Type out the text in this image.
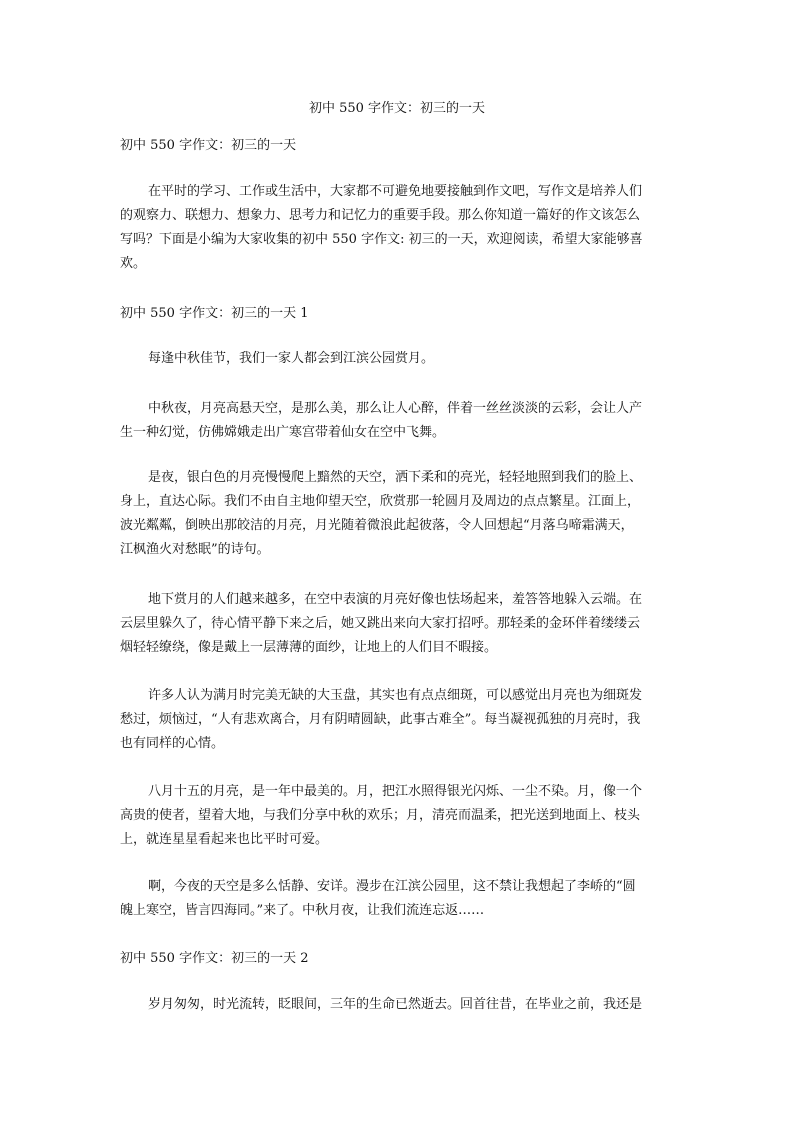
初中 550 字作文：初三的一天
初中 550 字作文：初三的一天
在平时的学习、工作或生活中，大家都不可避免地要接触到作文吧，写作文是培养人们
的观察力、联想力、想象力、思考力和记忆力的重要手段。那么你知道一篇好的作文该怎么
写吗？下面是小编为大家收集的初中 550 字作文: 初三的一天，欢迎阅读，希望大家能够喜
欢。
初中 550 字作文：初三的一天 1
每逢中秋佳节，我们一家人都会到江滨公园赏月。
中秋夜，月亮高悬天空，是那么美，那么让人心醉，伴着一丝丝淡淡的云彩，会让人产
生一种幻觉，仿佛嫦娥走出广寒宫带着仙女在空中飞舞。
是夜，银白色的月亮慢慢爬上黯然的天空，洒下柔和的亮光，轻轻地照到我们的脸上、
身上，直达心际。我们不由自主地仰望天空，欣赏那一轮圆月及周边的点点繁星。江面上，
波光粼粼，倒映出那皎洁的月亮，月光随着微浪此起彼落，令人回想起“月落乌啼霜满天，
江枫渔火对愁眠”的诗句。
地下赏月的人们越来越多，在空中表演的月亮好像也怯场起来，羞答答地躲入云端。在
云层里躲久了，待心情平静下来之后，她又跳出来向大家打招呼。那轻柔的金环伴着缕缕云
烟轻轻缭绕，像是戴上一层薄薄的面纱，让地上的人们目不暇接。
许多人认为满月时完美无缺的大玉盘，其实也有点点细斑，可以感觉出月亮也为细斑发
愁过，烦恼过，“人有悲欢离合，月有阴晴圆缺，此事古难全”。每当凝视孤独的月亮时，我
也有同样的心情。
八月十五的月亮，是一年中最美的。月，把江水照得银光闪烁、一尘不染。月，像一个
高贵的使者，望着大地，与我们分享中秋的欢乐；月，清亮而温柔，把光送到地面上、枝头
上，就连星星看起来也比平时可爱。
啊，今夜的天空是多么恬静、安详。漫步在江滨公园里，这不禁让我想起了李峤的“圆
魄上寒空，皆言四海同。”来了。中秋月夜，让我们流连忘返……
初中 550 字作文：初三的一天 2
岁月匆匆，时光流转，眨眼间，三年的生命已然逝去。回首往昔，在毕业之前，我还是
